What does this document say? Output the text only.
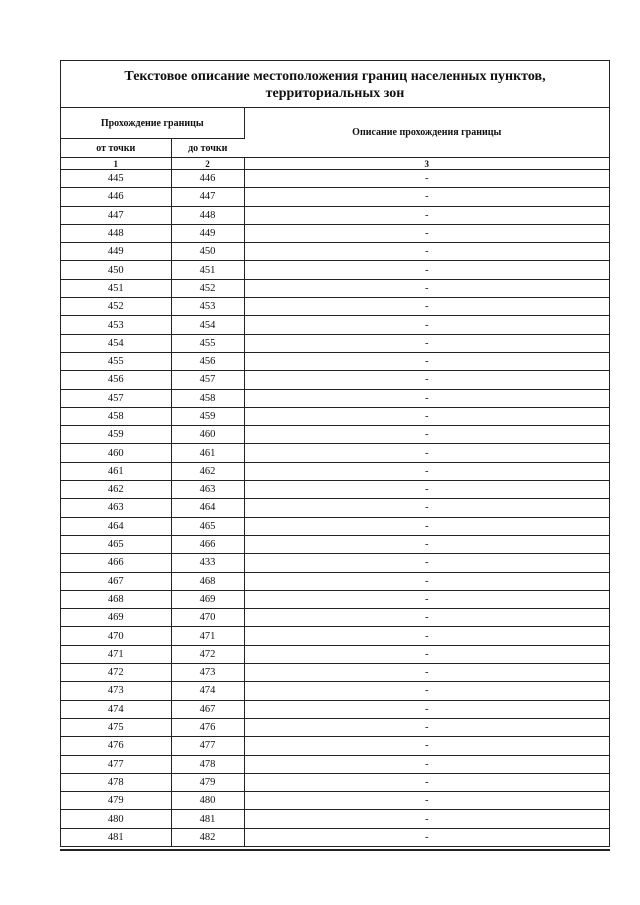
Текстовое описание местоположения границ населенных пунктов,
территориальных зон
Прохождение границы		Описание прохождения границы
от точки	до точки	
1	2	3
445	446	-
446	447	-
447	448	-
448	449	-
449	450	-
450	451	-
451	452	-
452	453	-
453	454	-
454	455	-
455	456	-
456	457	-
457	458	-
458	459	-
459	460	-
460	461	-
461	462	-
462	463	-
463	464	-
464	465	-
465	466	-
466	433	-
467	468	-
468	469	-
469	470	-
470	471	-
471	472	-
472	473	-
473	474	-
474	467	-
475	476	-
476	477	-
477	478	-
478	479	-
479	480	-
480	481	-
481	482	-
